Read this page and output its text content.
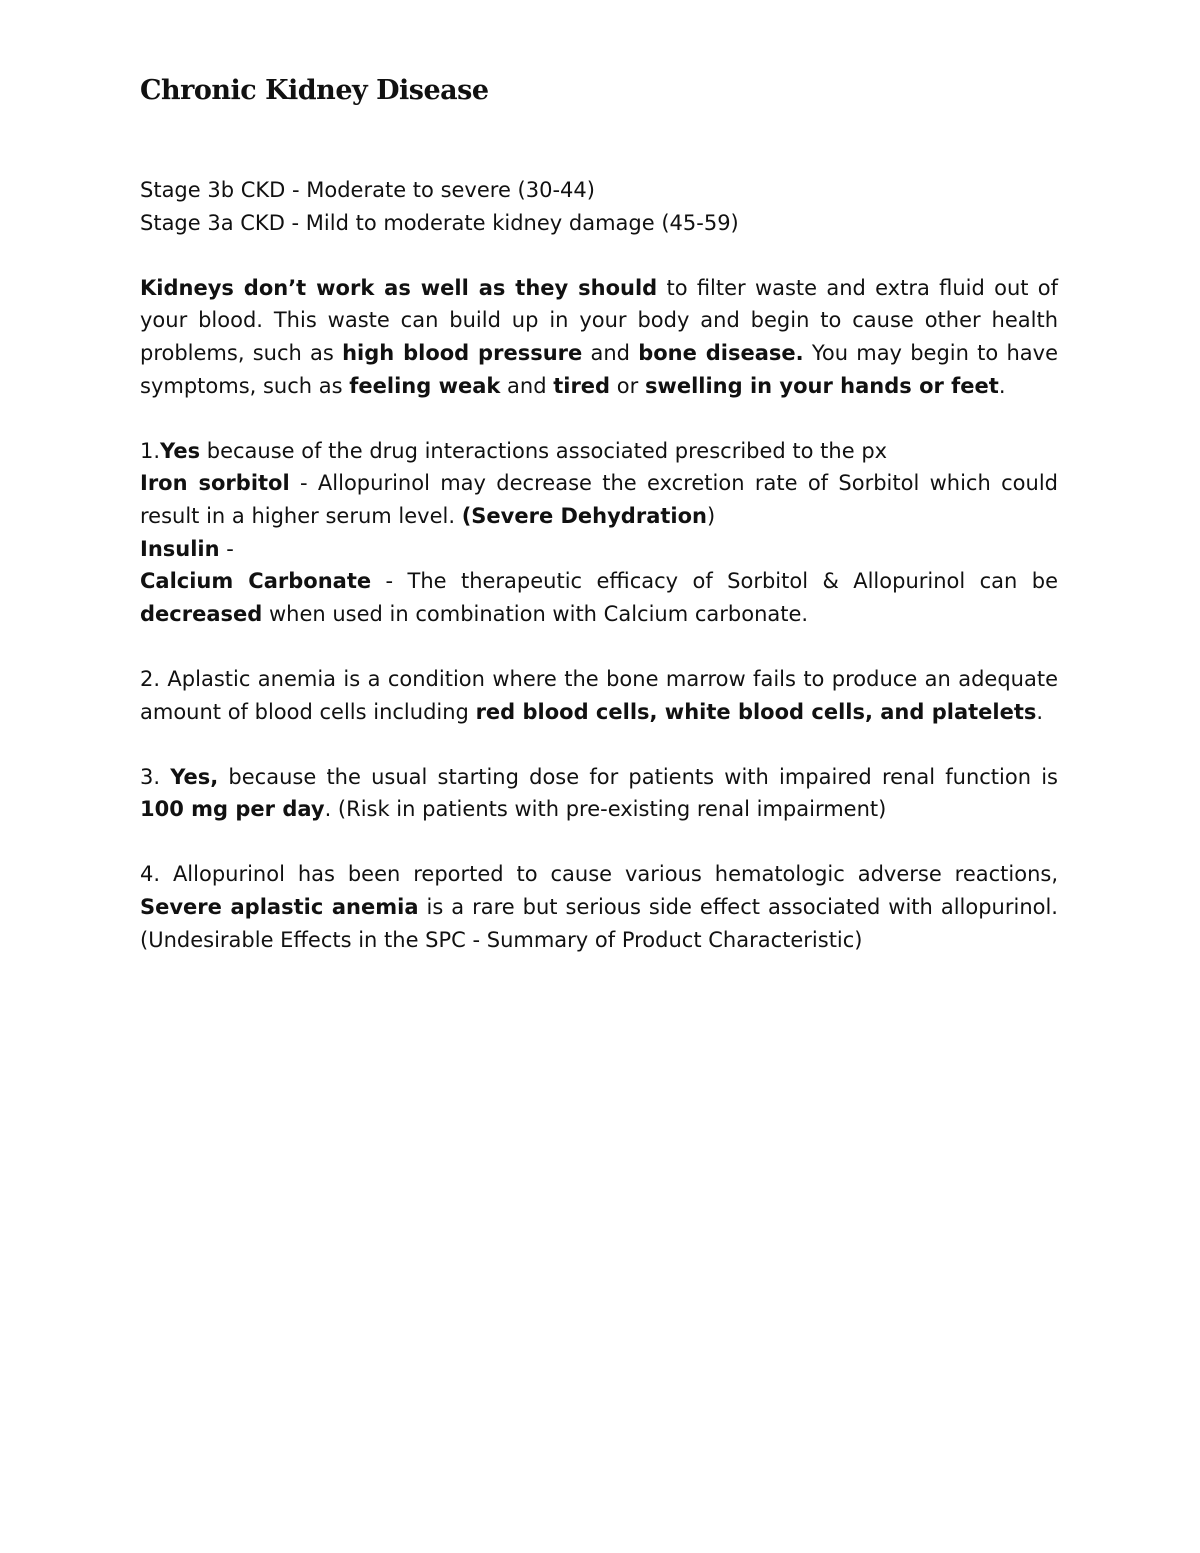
Chronic Kidney Disease
Stage 3b CKD - Moderate to severe (30-44)
Stage 3a CKD - Mild to moderate kidney damage (45-59)

Kidneys don’t work as well as they should to filter waste and extra fluid out of your blood. This waste can build up in your body and begin to cause other health problems, such as high blood pressure and bone disease. You may begin to have symptoms, such as feeling weak and tired or swelling in your hands or feet.

1.Yes because of the drug interactions associated prescribed to the px

Iron sorbitol - Allopurinol may decrease the excretion rate of Sorbitol which could result in a higher serum level. (Severe Dehydration)

Insulin -

Calcium Carbonate - The therapeutic efficacy of Sorbitol & Allopurinol can be decreased when used in combination with Calcium carbonate.

2. Aplastic anemia is a condition where the bone marrow fails to produce an adequate amount of blood cells including red blood cells, white blood cells, and platelets.

3. Yes, because the usual starting dose for patients with impaired renal function is 100 mg per day. (Risk in patients with pre-existing renal impairment)

4. Allopurinol has been reported to cause various hematologic adverse reactions, Severe aplastic anemia is a rare but serious side effect associated with allopurinol. (Undesirable Effects in the SPC - Summary of Product Characteristic)
